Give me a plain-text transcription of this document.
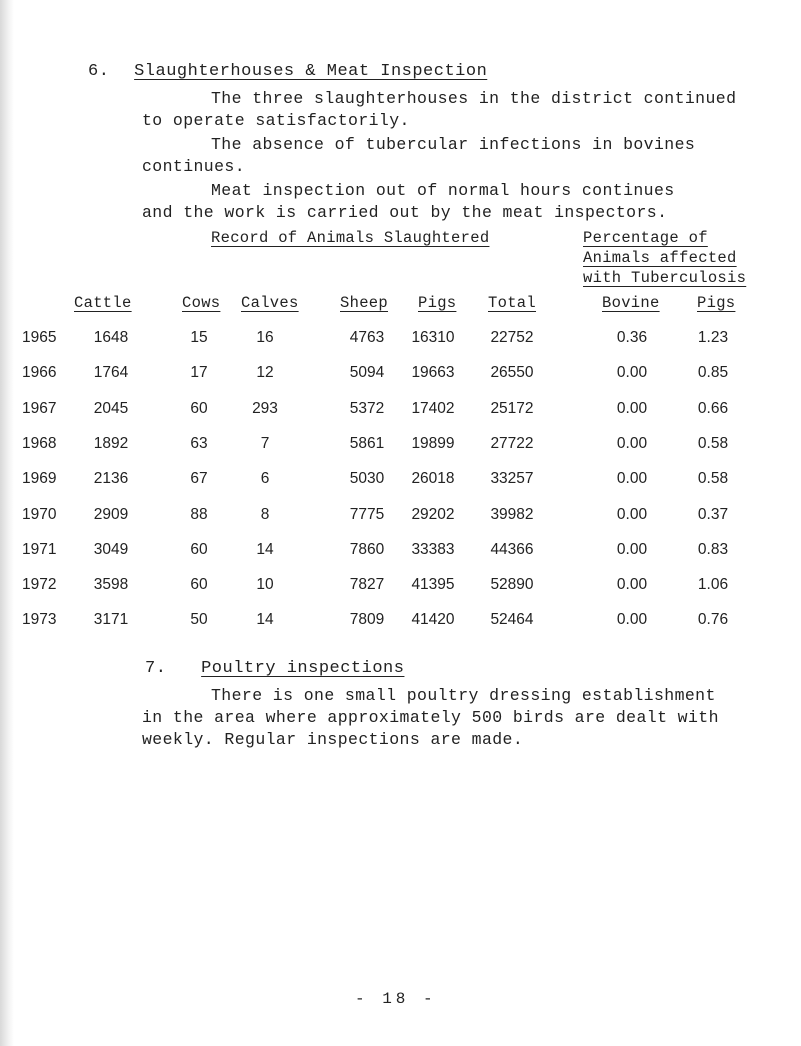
6. Slaughterhouses & Meat Inspection
The three slaughterhouses in the district continued
to operate satisfactorily.
The absence of tubercular infections in bovines
continues.
Meat inspection out of normal hours continues
and the work is carried out by the meat inspectors.
Record of Animals Slaughtered	Percentage of
Animals affected
with Tuberculosis
Cattle	Cows Calves	Sheep Pigs Total	Bovine Pigs
1965	1648	15	16	4763	16310	22752	0.36	1.23
1966	1764	17	12	5094	19663	26550	0.00	0.85
1967	2045	60	293	5372	17402	25172	0.00	0.66
1968	1892	63	7	5861	19899	27722	0.00	0.58
1969	2136	67	6	5030	26018	33257	0.00	0.58
1970	2909	88	8	7775	29202	39982	0.00	0.37
1971	3049	60	14	7860	33383	44366	0.00	0.83
1972	3598	60	10	7827	41395	52890	0.00	1.06
1973	3171	50	14	7809	41420	52464	0.00	0.76
7. Poultry inspections
There is one small poultry dressing establishment
in the area where approximately 500 birds are dealt with
weekly. Regular inspections are made.
- 18 -
